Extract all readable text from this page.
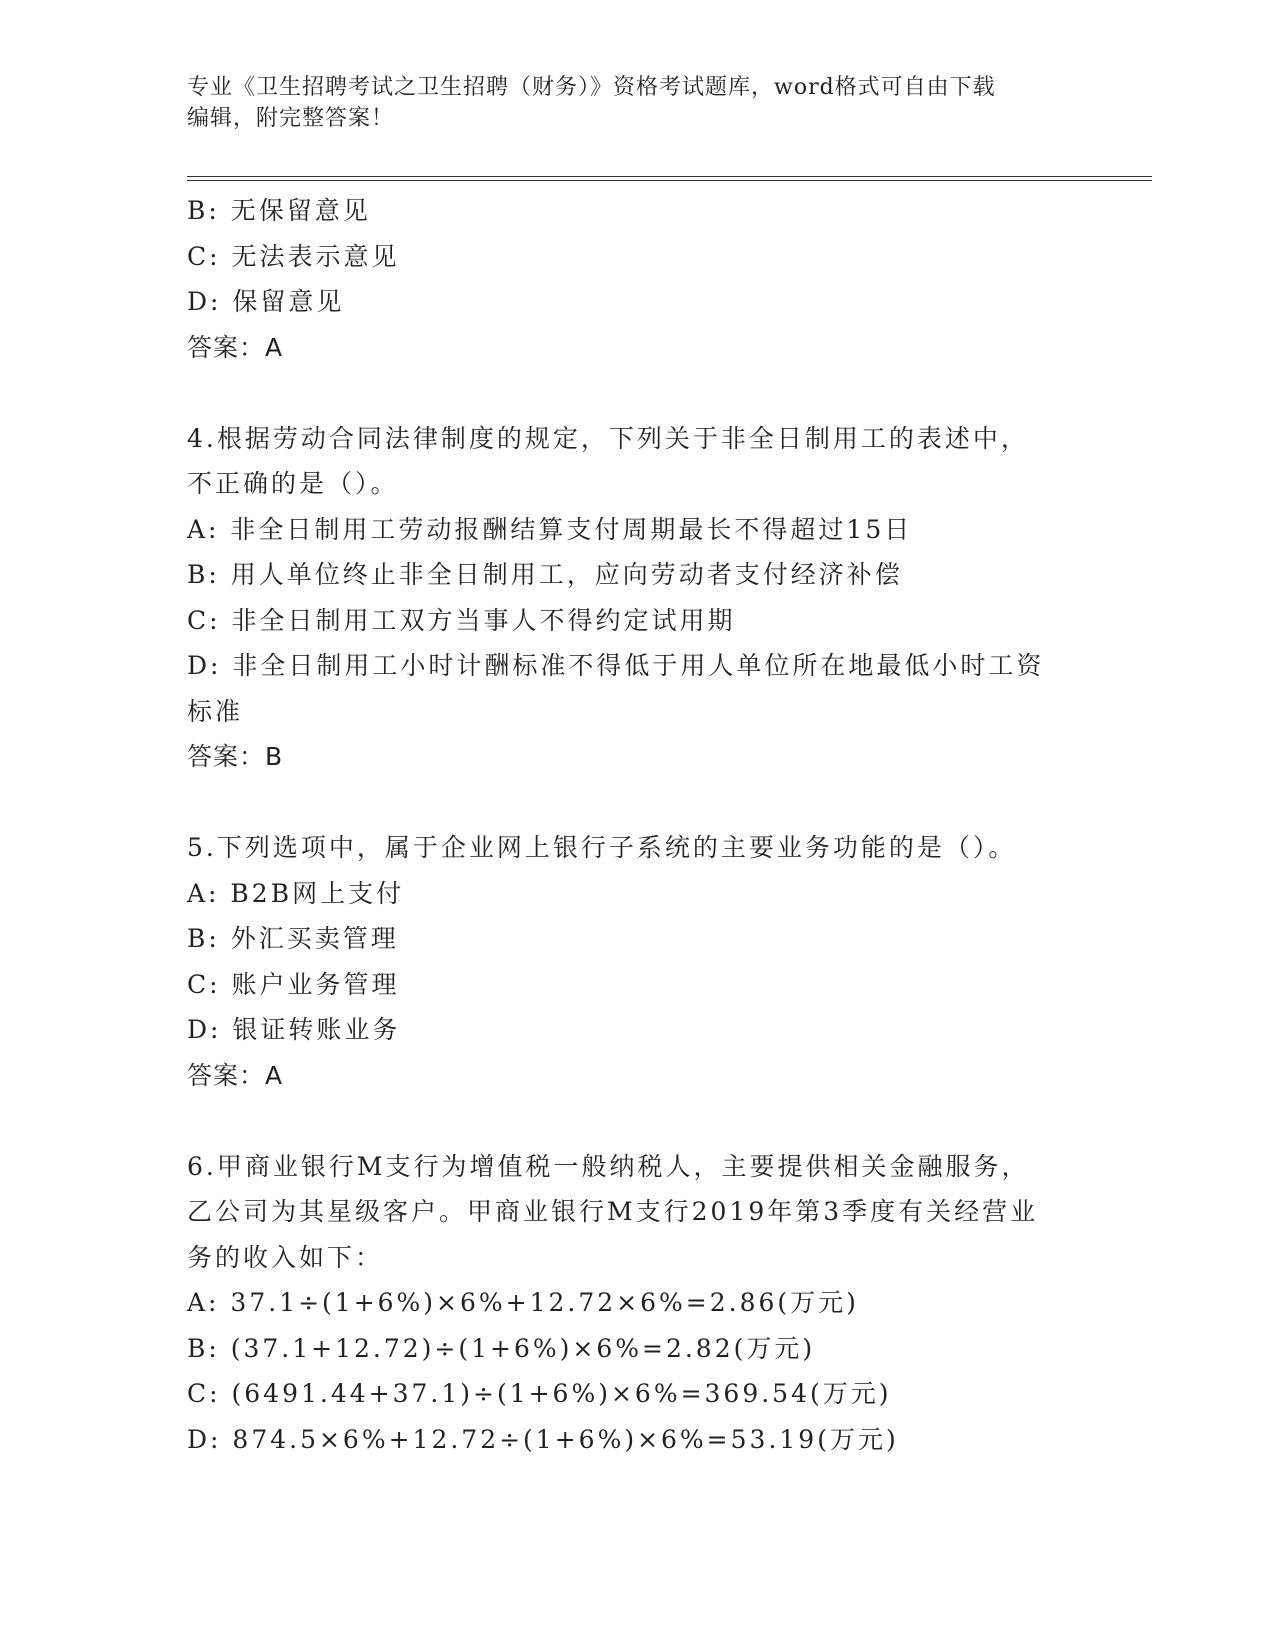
专业《卫生招聘考试之卫生招聘（财务）》资格考试题库，word格式可自由下载
编辑，附完整答案！

B: 无保留意见

C: 无法表示意见

D: 保留意见

答案：A

4.根据劳动合同法律制度的规定，下列关于非全日制用工的表述中，

不正确的是（）。

A: 非全日制用工劳动报酬结算支付周期最长不得超过15日

B: 用人单位终止非全日制用工，应向劳动者支付经济补偿

C: 非全日制用工双方当事人不得约定试用期

D: 非全日制用工小时计酬标准不得低于用人单位所在地最低小时工资

标准

答案：B

5.下列选项中，属于企业网上银行子系统的主要业务功能的是（）。

A: B2B网上支付

B: 外汇买卖管理

C: 账户业务管理

D: 银证转账业务

答案：A

6.甲商业银行M支行为增值税一般纳税人，主要提供相关金融服务，

乙公司为其星级客户。甲商业银行M支行2019年第3季度有关经营业

务的收入如下：

A: 37.1÷(1+6%)×6%+12.72×6%=2.86(万元)

B: (37.1+12.72)÷(1+6%)×6%=2.82(万元)

C: (6491.44+37.1)÷(1+6%)×6%=369.54(万元)

D: 874.5×6%+12.72÷(1+6%)×6%=53.19(万元)
